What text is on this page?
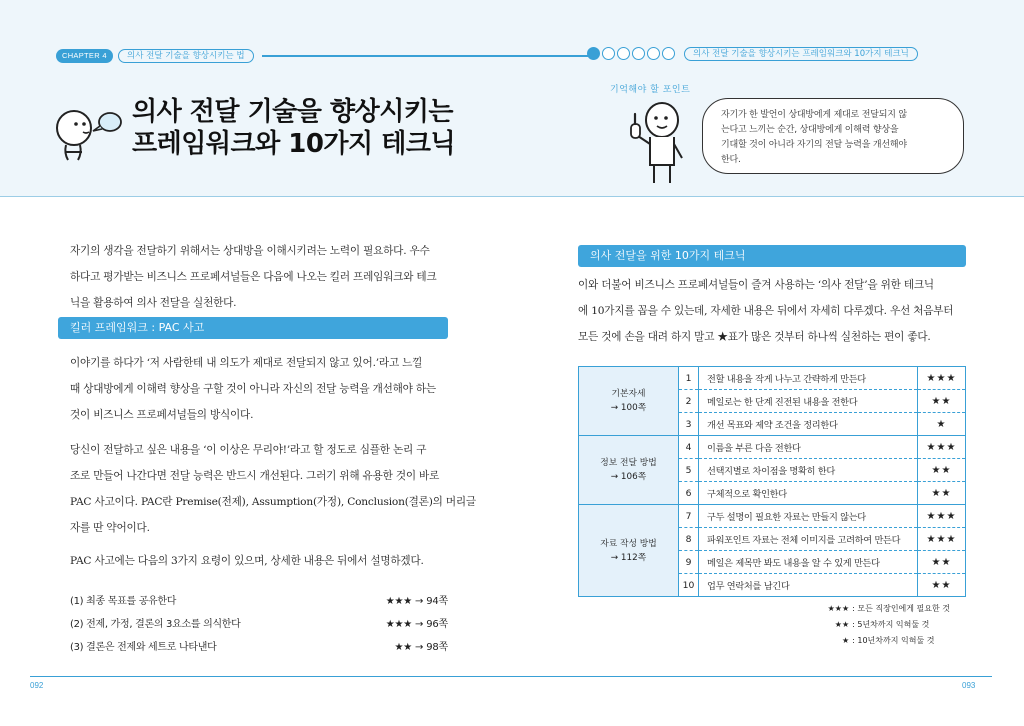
CHAPTER 4	의사 전달 기술을 향상시키는 법
의사 전달 기술을 향상시키는
프레임워크와 10가지 테크닉
자기의 생각을 전달하기 위해서는 상대방을 이해시키려는 노력이 필요하다. 우수
하다고 평가받는 비즈니스 프로페셔널들은 다음에 나오는 킬러 프레임워크와 테크
닉을 활용하여 의사 전달을 실천한다.
킬러 프레임워크 : PAC 사고
이야기를 하다가 ‘저 사람한테 내 의도가 제대로 전달되지 않고 있어.’라고 느낄
때 상대방에게 이해력 향상을 구할 것이 아니라 자신의 전달 능력을 개선해야 하는
것이 비즈니스 프로페셔널들의 방식이다.
당신이 전달하고 싶은 내용을 ‘이 이상은 무리야!’라고 할 정도로 심플한 논리 구
조로 만들어 나간다면 전달 능력은 반드시 개선된다. 그러기 위해 유용한 것이 바로
PAC 사고이다. PAC란 Premise(전제), Assumption(가정), Conclusion(결론)의 머리글
자를 딴 약어이다.
PAC 사고에는 다음의 3가지 요령이 있으며, 상세한 내용은 뒤에서 설명하겠다.
(1) 최종 목표를 공유한다	★★★ → 94쪽
(2) 전제, 가정, 결론의 3요소를 의식한다	★★★ → 96쪽
(3) 결론은 전제와 세트로 나타낸다	★★ → 98쪽
092
의사 전달 기술을 향상시키는 프레임워크와 10가지 테크닉
기억해야 할 포인트
자기가 한 발언이 상대방에게 제대로 전달되지 않
는다고 느끼는 순간, 상대방에게 이해력 향상을
기대할 것이 아니라 자기의 전달 능력을 개선해야
한다.
의사 전달을 위한 10가지 테크닉
이와 더불어 비즈니스 프로페셔널들이 즐겨 사용하는 ‘의사 전달’을 위한 테크닉
에 10가지를 꼽을 수 있는데, 자세한 내용은 뒤에서 자세히 다루겠다. 우선 처음부터
모든 것에 손을 대려 하지 말고 ★표가 많은 것부터 하나씩 실천하는 편이 좋다.
기본자세
→ 100쪽	1	전할 내용을 작게 나누고 간략하게 만든다	★★★
	2	메일로는 한 단계 진전된 내용을 전한다	★★
	3	개선 목표와 제약 조건을 정리한다	★

정보 전달 방법
→ 106쪽	4	이름을 부른 다음 전한다	★★★
	5	선택지별로 차이점을 명확히 한다	★★
	6	구체적으로 확인한다	★★

자료 작성 방법
→ 112쪽	7	구두 설명이 필요한 자료는 만들지 않는다	★★★
	8	파워포인트 자료는 전체 이미지를 고려하여 만든다	★★★
	9	메일은 제목만 봐도 내용을 알 수 있게 만든다	★★
	10	업무 연락처를 남긴다	★★
★★★ : 모든 직장인에게 필요한 것
★★ : 5년차까지 익혀둘 것
★ : 10년차까지 익혀둘 것
093
